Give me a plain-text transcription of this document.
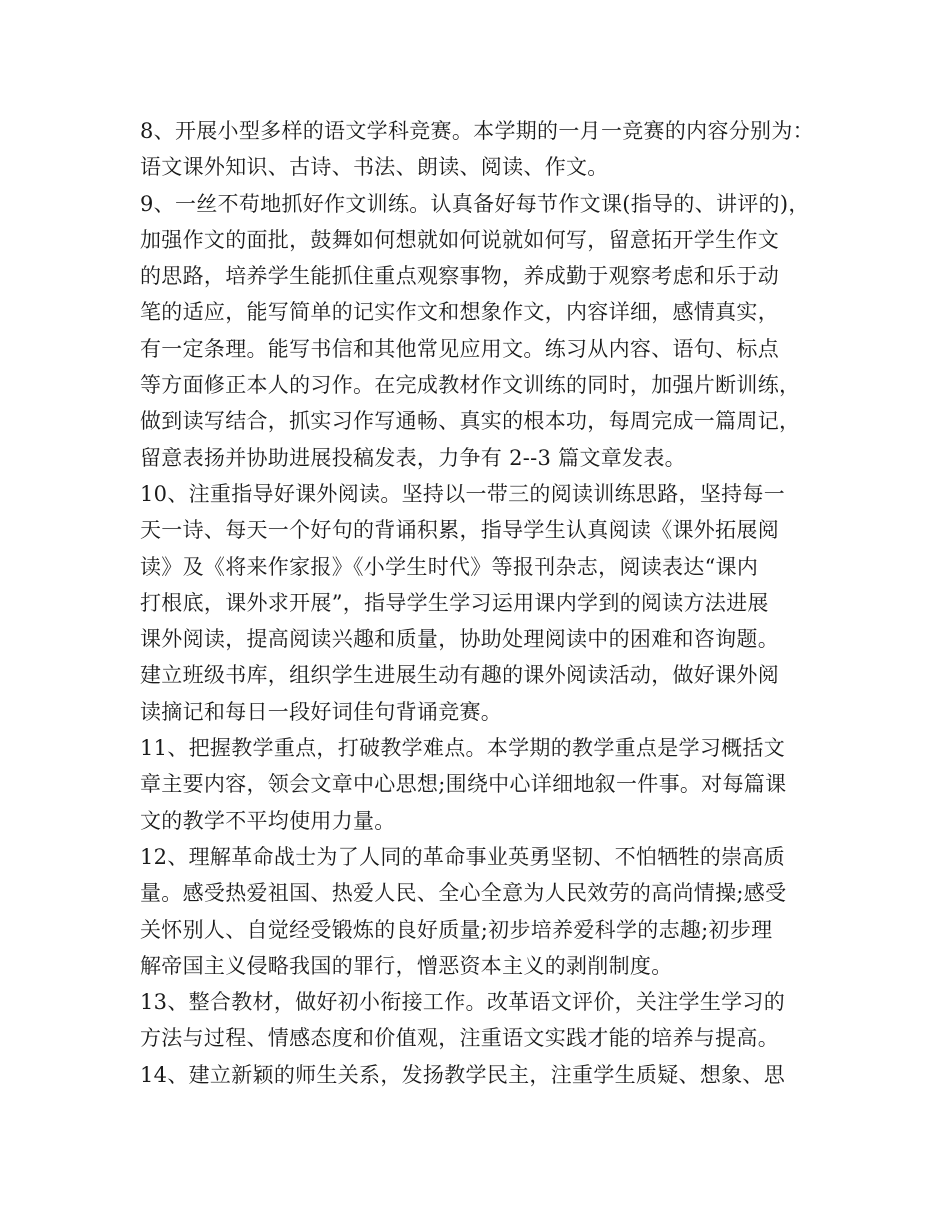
8、开展小型多样的语文学科竞赛。本学期的一月一竞赛的内容分别为：
语文课外知识、古诗、书法、朗读、阅读、作文。
9、一丝不苟地抓好作文训练。认真备好每节作文课(指导的、讲评的)，
加强作文的面批，鼓舞如何想就如何说就如何写，留意拓开学生作文
的思路，培养学生能抓住重点观察事物，养成勤于观察考虑和乐于动
笔的适应，能写简单的记实作文和想象作文，内容详细，感情真实，
有一定条理。能写书信和其他常见应用文。练习从内容、语句、标点
等方面修正本人的习作。在完成教材作文训练的同时，加强片断训练，
做到读写结合，抓实习作写通畅、真实的根本功，每周完成一篇周记，
留意表扬并协助进展投稿发表，力争有 2--3 篇文章发表。
10、注重指导好课外阅读。坚持以一带三的阅读训练思路，坚持每一
天一诗、每天一个好句的背诵积累，指导学生认真阅读《课外拓展阅
读》及《将来作家报》《小学生时代》等报刊杂志，阅读表达“课内
打根底，课外求开展”，指导学生学习运用课内学到的阅读方法进展
课外阅读，提高阅读兴趣和质量，协助处理阅读中的困难和咨询题。
建立班级书库，组织学生进展生动有趣的课外阅读活动，做好课外阅
读摘记和每日一段好词佳句背诵竞赛。
11、把握教学重点，打破教学难点。本学期的教学重点是学习概括文
章主要内容，领会文章中心思想;围绕中心详细地叙一件事。对每篇课
文的教学不平均使用力量。
12、理解革命战士为了人同的革命事业英勇坚韧、不怕牺牲的崇高质
量。感受热爱祖国、热爱人民、全心全意为人民效劳的高尚情操;感受
关怀别人、自觉经受锻炼的良好质量;初步培养爱科学的志趣;初步理
解帝国主义侵略我国的罪行，憎恶资本主义的剥削制度。
13、整合教材，做好初小衔接工作。改革语文评价，关注学生学习的
方法与过程、情感态度和价值观，注重语文实践才能的培养与提高。
14、建立新颖的师生关系，发扬教学民主，注重学生质疑、想象、思
